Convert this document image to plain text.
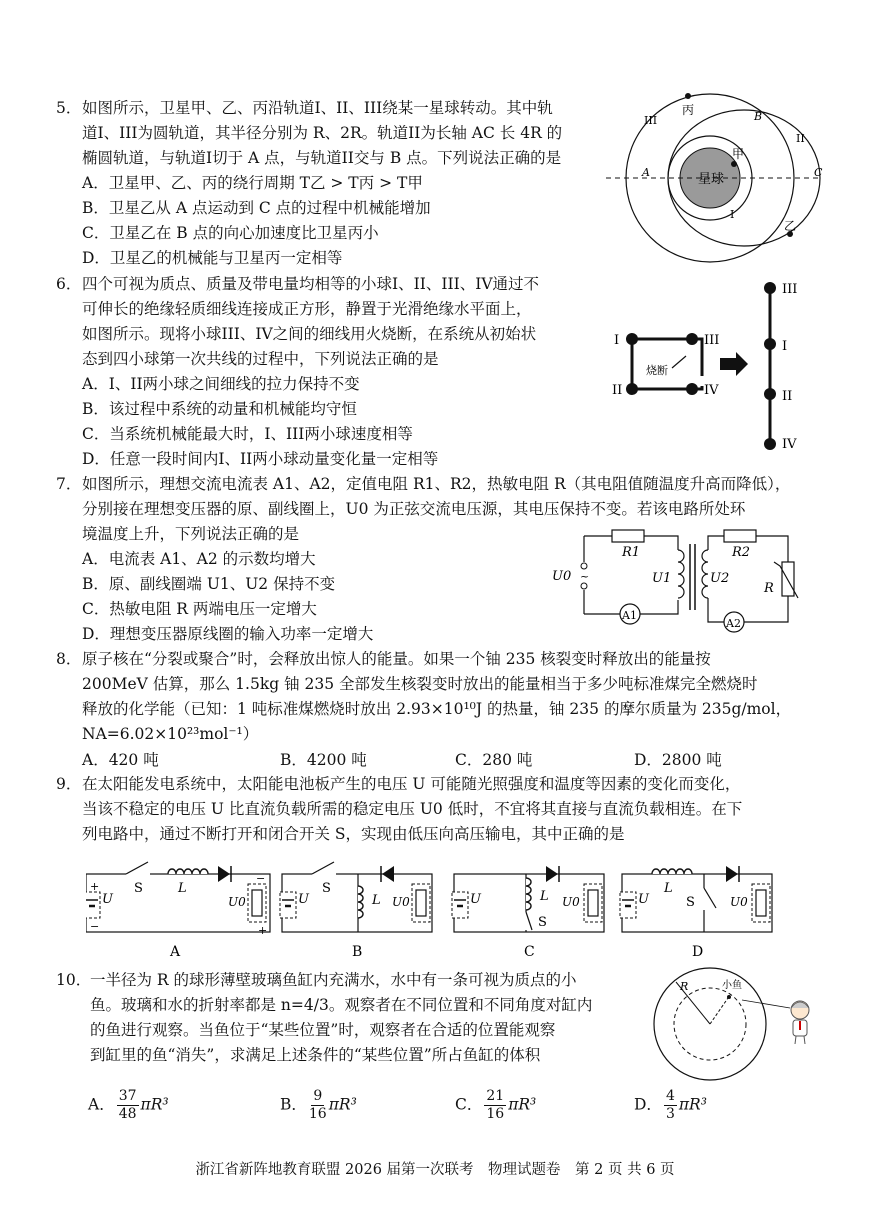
5．如图所示，卫星甲、乙、丙沿轨道I、II、III绕某一星球转动。其中轨

道I、III为圆轨道，其半径分别为 R、2R。轨道II为长轴 AC 长 4R 的

椭圆轨道，与轨道I切于 A 点，与轨道II交与 B 点。下列说法正确的是

A．卫星甲、乙、丙的绕行周期 T乙 > T丙 > T甲

B．卫星乙从 A 点运动到 C 点的过程中机械能增加

C．卫星乙在 B 点的向心加速度比卫星丙小

D．卫星乙的机械能与卫星丙一定相等

星球
丙
甲
乙
A
B
C
I
II
III

6．四个可视为质点、质量及带电量均相等的小球I、II、III、IV通过不

可伸长的绝缘轻质细线连接成正方形，静置于光滑绝缘水平面上，

如图所示。现将小球III、IV之间的细线用火烧断，在系统从初始状

态到四小球第一次共线的过程中，下列说法正确的是

A．I、II两小球之间细线的拉力保持不变

B．该过程中系统的动量和机械能均守恒

C．当系统机械能最大时，I、III两小球速度相等

D．任意一段时间内I、II两小球动量变化量一定相等

I
II
III
IV
烧断
III
I
II
IV

7．如图所示，理想交流电流表 A1、A2，定值电阻 R1、R2，热敏电阻 R（其电阻值随温度升高而降低），

分别接在理想变压器的原、副线圈上，U0 为正弦交流电压源，其电压保持不变。若该电路所处环

境温度上升，下列说法正确的是

A．电流表 A1、A2 的示数均增大

B．原、副线圈端 U1、U2 保持不变

C．热敏电阻 R 两端电压一定增大

D．理想变压器原线圈的输入功率一定增大

R1
~
U0
A1
U1	U2
R2
R
A2

8．原子核在“分裂或聚合”时，会释放出惊人的能量。如果一个铀 235 核裂变时释放出的能量按

200MeV 估算，那么 1.5kg 铀 235 全部发生核裂变时放出的能量相当于多少吨标准煤完全燃烧时

释放的化学能（已知：1 吨标准煤燃烧时放出 2.93×10¹⁰J 的热量，铀 235 的摩尔质量为 235g/mol，

NA=6.02×10²³mol⁻¹）

A．420 吨	B．4200 吨	C．280 吨	D．2800 吨

9．在太阳能发电系统中，太阳能电池板产生的电压 U 可能随光照强度和温度等因素的变化而变化，

当该不稳定的电压 U 比直流负载所需的稳定电压 U0 低时，不宜将其直接与直流负载相连。在下

列电路中，通过不断打开和闭合开关 S，实现由低压向高压输电，其中正确的是

+
−
U
S	L
U0
−
+
A
U
S
L U0
B
U	L
S
U0
C
U
L
S	U0
D

10．一半径为 R 的球形薄壁玻璃鱼缸内充满水，水中有一条可视为质点的小

鱼。玻璃和水的折射率都是 n=4/3。观察者在不同位置和不同角度对缸内

的鱼进行观察。当鱼位于“某些位置”时，观察者在合适的位置能观察

到缸里的鱼“消失”，求满足上述条件的“某些位置”所占鱼缸的体积

R	小鱼
A． $\frac{37}{48} \pi R^3$	B． $\frac{9}{16} \pi R^3$	C． $\frac{21}{16} \pi R^3$	D． $\frac{4}{3} \pi R^3$
浙江省新阵地教育联盟 2026 届第一次联考　物理试题卷　第 2 页 共 6 页
